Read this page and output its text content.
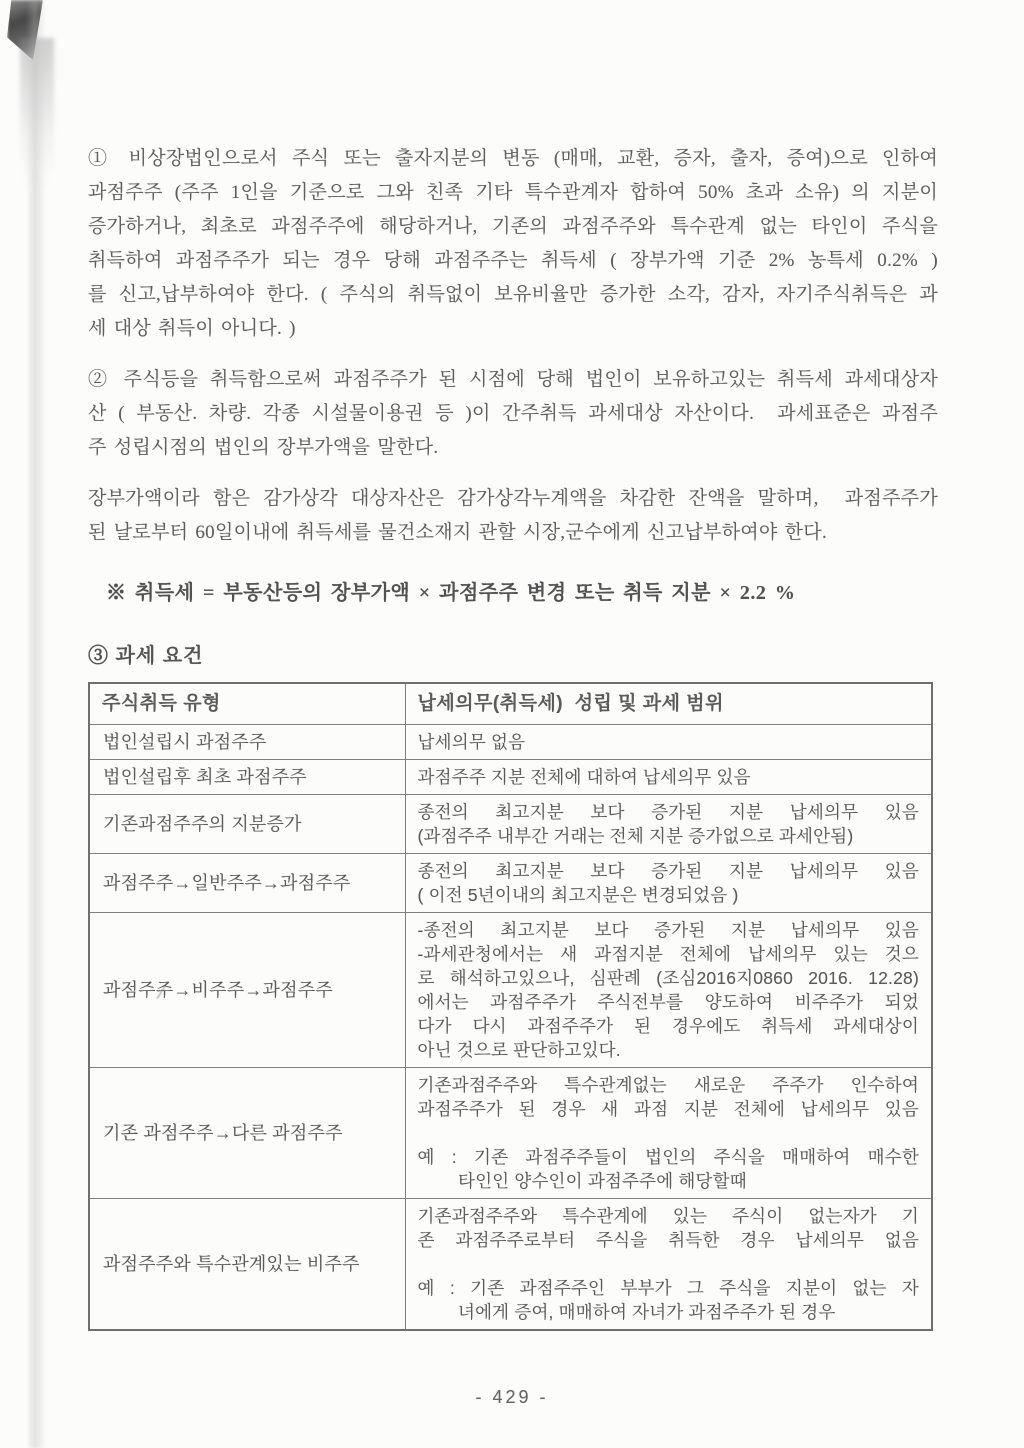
① 비상장법인으로서 주식 또는 출자지분의 변동 (매매, 교환, 증자, 출자, 증여)으로 인하여
과점주주 (주주 1인을 기준으로 그와 친족 기타 특수관계자 합하여 50% 초과 소유) 의 지분이
증가하거나, 최초로 과점주주에 해당하거나, 기존의 과점주주와 특수관계 없는 타인이 주식을
취득하여 과점주주가 되는 경우 당해 과점주주는 취득세 ( 장부가액 기준 2% 농특세 0.2% )
를 신고,납부하여야 한다. ( 주식의 취득없이 보유비율만 증가한 소각, 감자, 자기주식취득은 과
세 대상 취득이 아니다. )
② 주식등을 취득함으로써 과점주주가 된 시점에 당해 법인이 보유하고있는 취득세 과세대상자
산 ( 부동산. 차량. 각종 시설물이용권 등 )이 간주취득 과세대상 자산이다.  과세표준은 과점주
주 성립시점의 법인의 장부가액을 말한다.
장부가액이라 함은 감가상각 대상자산은 감가상각누계액을 차감한 잔액을 말하며,  과점주주가
된 날로부터 60일이내에 취득세를 물건소재지 관할 시장,군수에게 신고납부하여야 한다.
※ 취득세 = 부동산등의 장부가액 × 과점주주 변경 또는 취득 지분 × 2.2 %
③ 과세 요건
주식취득 유형	납세의무(취득세)  성립 및 과세 범위
법인설립시 과점주주	납세의무 없음

법인설립후 최초 과점주주	과점주주 지분 전체에 대하여 납세의무 있음

기존과점주주의 지분증가	종전의 최고지분 보다 증가된 지분 납세의무 있음
(과점주주 내부간 거래는 전체 지분 증가없으로 과세안됨)

과점주주→일반주주→과점주주	종전의 최고지분 보다 증가된 지분 납세의무 있음
( 이전 5년이내의 최고지분은 변경되었음 )

과점주주→비주주→과점주주	
-종전의 최고지분 보다 증가된 지분 납세의무 있음
-과세관청에서는 새 과점지분 전체에 납세의무 있는 것으
로 해석하고있으나, 심판례 (조심2016지0860 2016. 12.28)
에서는 과점주주가 주식전부를 양도하여 비주주가 되었
다가 다시 과점주주가 된 경우에도 취득세 과세대상이
아닌 것으로 판단하고있다.

기존 과점주주→다른 과점주주	기존과점주주와 특수관계없는 새로운 주주가 인수하여
과점주주가 된 경우 새 과점 지분 전체에 납세의무 있음
예 : 기존 과점주주들이 법인의 주식을 매매하여 매수한
　　 타인인 양수인이 과점주주에 해당할때

과점주주와 특수관계있는 비주주	기존과점주주와 특수관계에 있는 주식이 없는자가 기
존 과점주주로부터 주식을 취득한 경우 납세의무 없음
예 : 기존 과점주주인 부부가 그 주식을 지분이 없는 자
　　 녀에게 증여, 매매하여 자녀가 과점주주가 된 경우
- 429 -
